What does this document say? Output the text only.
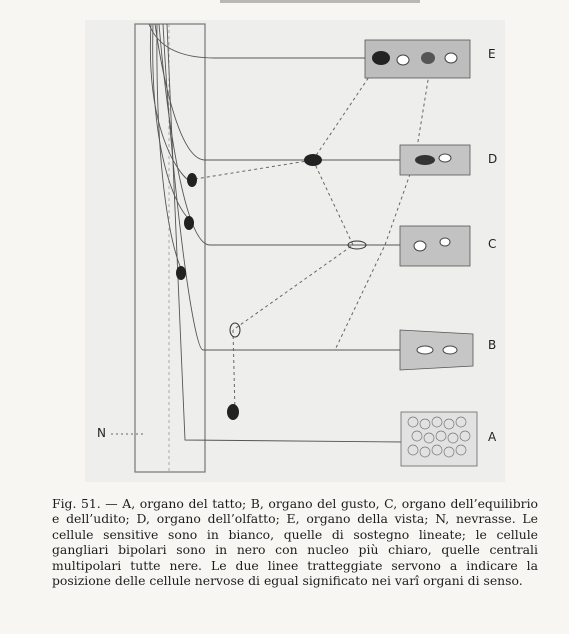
E
D
C
B
A
N

Fig. 51. — A, organo del tatto; B, organo del gusto, C, organo dell’equilibrio e dell’udito; D, organo dell’olfatto; E, organo della vista; N, nevrasse. Le cellule sensitive sono in bianco, quelle di sostegno lineate; le cellule gangliari bipolari sono in nero con nucleo più chiaro, quelle centrali multipolari tutte nere. Le due linee tratteggiate servono a indicare la posizione delle cellule nervose di egual significato nei varî organi di senso.
